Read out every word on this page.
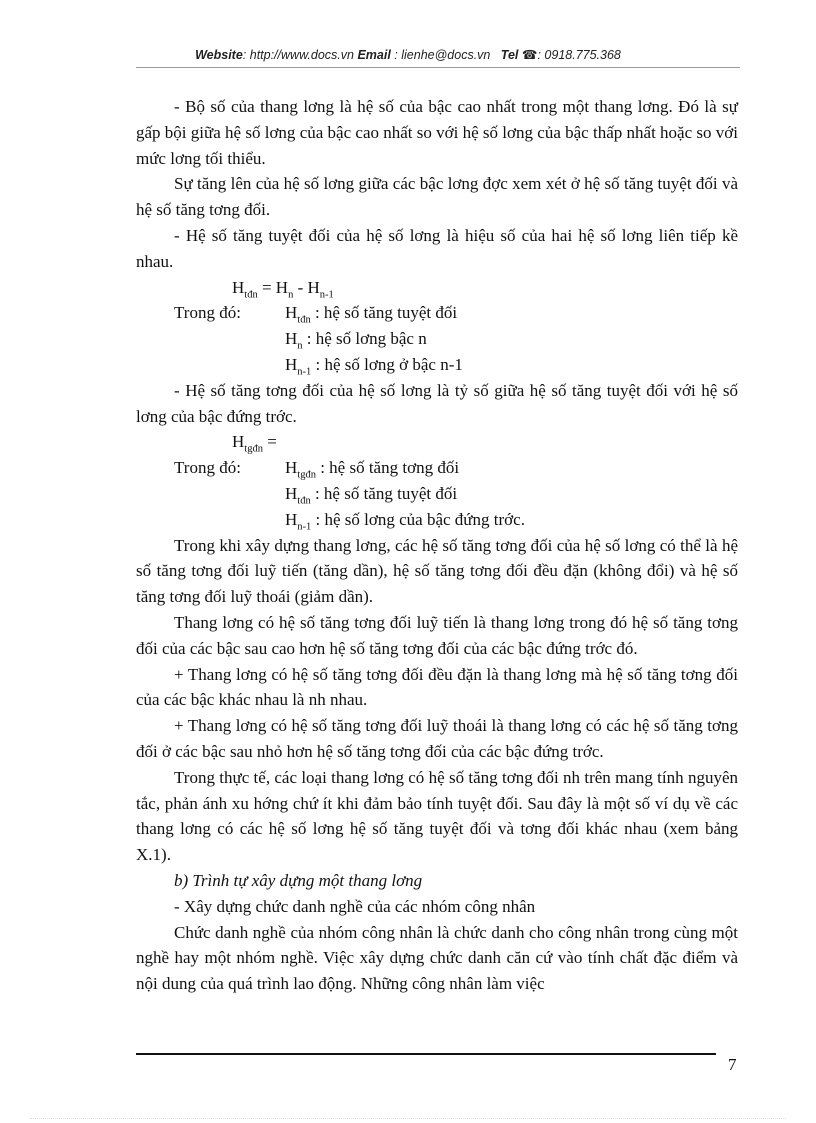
Website: http://www.docs.vn Email : lienhe@docs.vn Tel ☎: 0918.775.368

- Bộ số của thang lơng là hệ số của bậc cao nhất trong một thang lơng. Đó là sự gấp bội giữa hệ số lơng của bậc cao nhất so với hệ số lơng của bậc thấp nhất hoặc so với mức lơng tối thiểu.

Sự tăng lên của hệ số lơng giữa các bậc lơng đợc xem xét ở hệ số tăng tuyệt đối và hệ số tăng tơng đối.

- Hệ số tăng tuyệt đối của hệ số lơng là hiệu số của hai hệ số lơng liên tiếp kề nhau.

$H_{tđn} = H_n - H_{n-1}$

Trong đó:	$H_{tđn}$ : hệ số tăng tuyệt đối

$H_n$ : hệ số lơng bậc n

$H_{n-1}$ : hệ số lơng ở bậc n-1

- Hệ số tăng tơng đối của hệ số lơng là tỷ số giữa hệ số tăng tuyệt đối với hệ số lơng của bậc đứng trớc.

$H_{tgđn}$ =

Trong đó:	$H_{tgđn}$ : hệ số tăng tơng đối

$H_{tđn}$ : hệ số tăng tuyệt đối

$H_{n-1}$ : hệ số lơng của bậc đứng trớc.

Trong khi xây dựng thang lơng, các hệ số tăng tơng đối của hệ số lơng có thể là hệ số tăng tơng đối luỹ tiến (tăng dần), hệ số tăng tơng đối đều đặn (không đổi) và hệ số tăng tơng đối luỹ thoái (giảm dần).

Thang lơng có hệ số tăng tơng đối luỹ tiến là thang lơng trong đó hệ số tăng tơng đối của các bậc sau cao hơn hệ số tăng tơng đối của các bậc đứng trớc đó.

+ Thang lơng có hệ số tăng tơng đối đều đặn là thang lơng mà hệ số tăng tơng đối của các bậc khác nhau là nh nhau.

+ Thang lơng có hệ số tăng tơng đối luỹ thoái là thang lơng có các hệ số tăng tơng đối ở các bậc sau nhỏ hơn hệ số tăng tơng đối của các bậc đứng trớc.

Trong thực tế, các loại thang lơng có hệ số tăng tơng đối nh trên mang tính nguyên tắc, phản ánh xu hớng chứ ít khi đảm bảo tính tuyệt đối. Sau đây là một số ví dụ về các thang lơng có các hệ số lơng hệ số tăng tuyệt đối và tơng đối khác nhau (xem bảng X.1).

b) Trình tự xây dựng một thang lơng

- Xây dựng chức danh nghề của các nhóm công nhân

Chức danh nghề của nhóm công nhân là chức danh cho công nhân trong cùng một nghề hay một nhóm nghề. Việc xây dựng chức danh căn cứ vào tính chất đặc điểm và nội dung của quá trình lao động. Những công nhân làm việc

7
